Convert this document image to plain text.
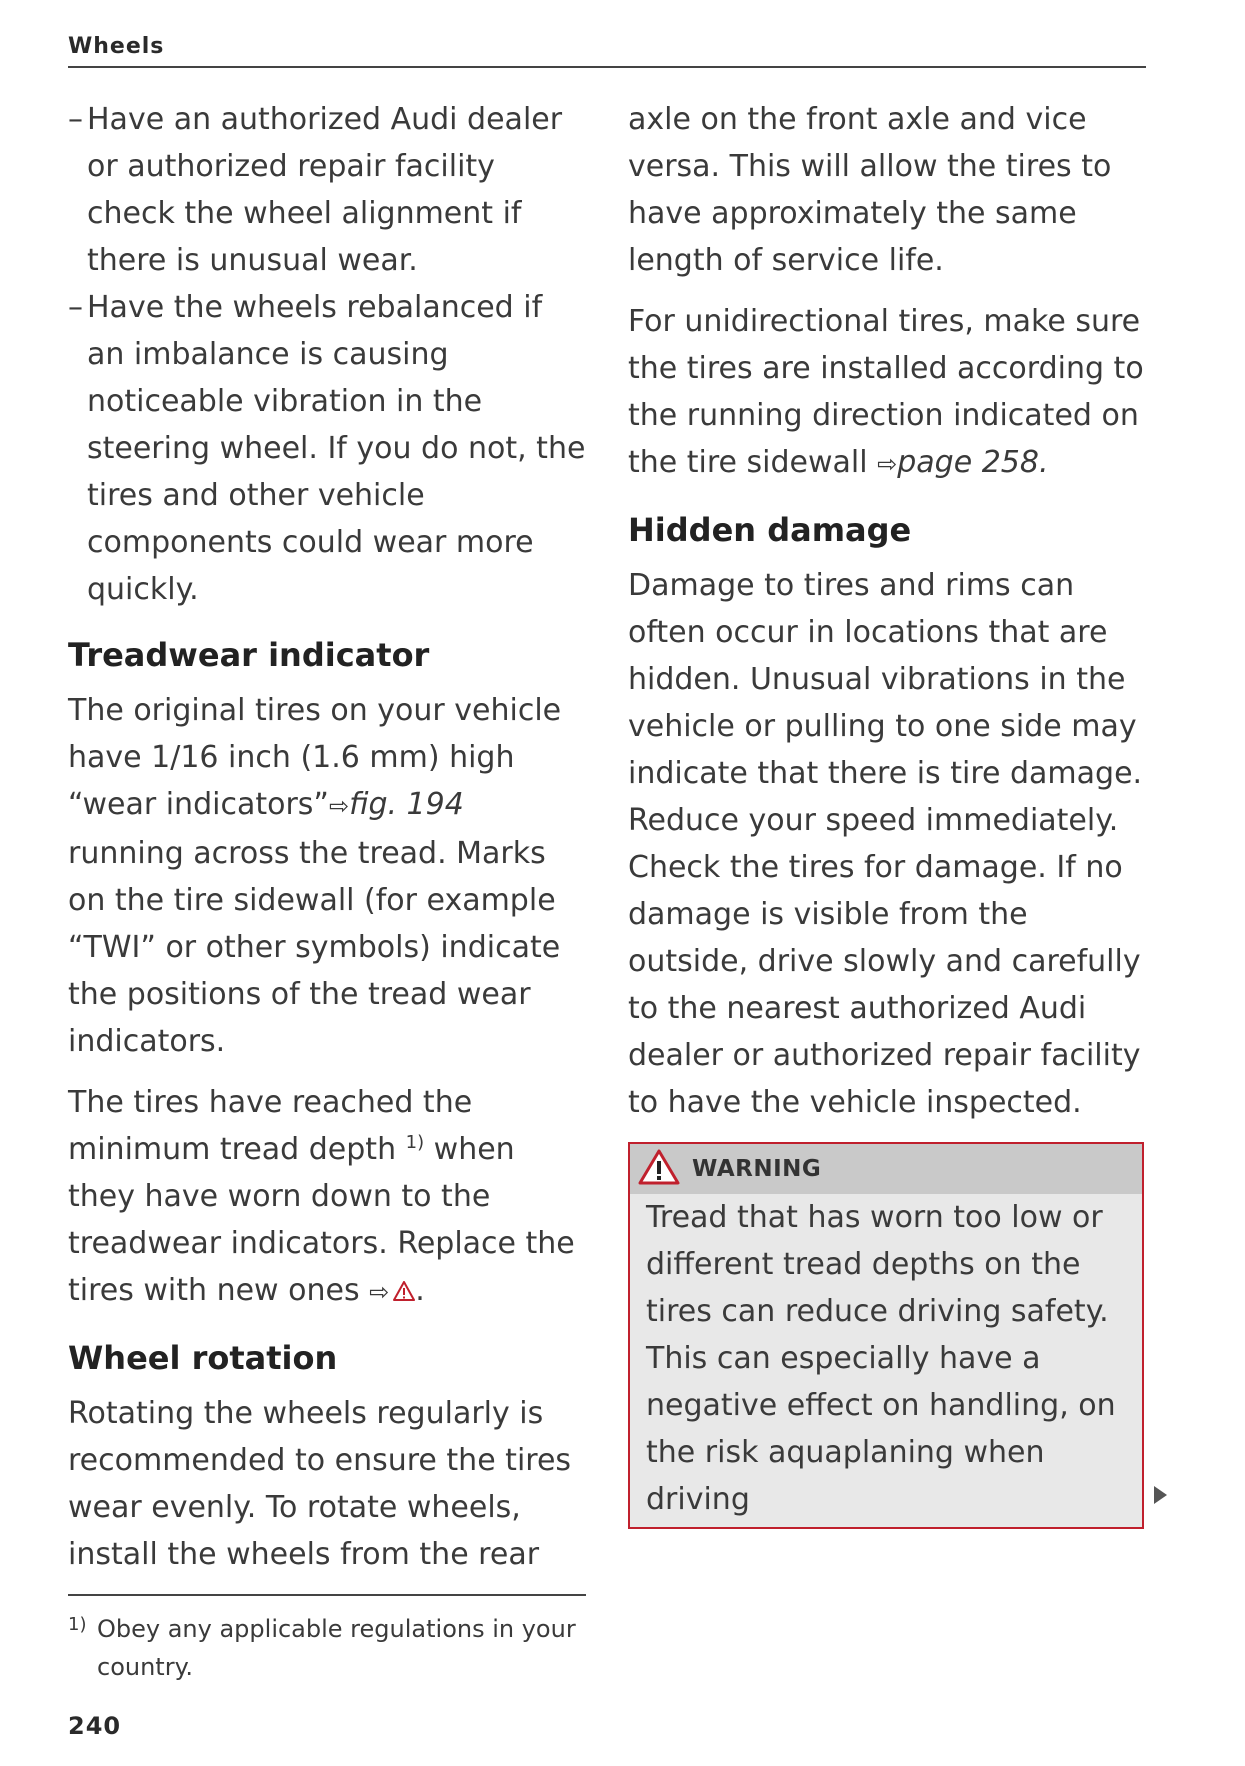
Wheels

– Have an authorized Audi dealer or authorized repair facility check the wheel alignment if there is unusual wear.

– Have the wheels rebalanced if an imbalance is causing noticeable vibration in the steering wheel. If you do not, the tires and other vehicle components could wear more quickly.

Treadwear indicator

The original tires on your vehicle have 1/16 inch (1.6 mm) high “wear indicators”⇨fig. 194 running across the tread. Marks on the tire sidewall (for example “TWI” or other symbols) indicate the positions of the tread wear indicators.

The tires have reached the minimum tread depth $^{1)}$ when they have worn down to the treadwear indicators. Replace the tires with new ones ⇨ .

Wheel rotation

Rotating the wheels regularly is recommended to ensure the tires wear evenly. To rotate wheels, install the wheels from the rear

axle on the front axle and vice versa. This will allow the tires to have approximately the same length of service life.

For unidirectional tires, make sure the tires are installed according to the running direction indicated on the tire sidewall ⇨page 258.

Hidden damage

Damage to tires and rims can often occur in locations that are hidden. Unusual vibrations in the vehicle or pulling to one side may indicate that there is tire damage. Reduce your speed immediately. Check the tires for damage. If no damage is visible from the outside, drive slowly and carefully to the nearest authorized Audi dealer or authorized repair facility to have the vehicle inspected.

WARNING

Tread that has worn too low or different tread depths on the tires can reduce driving safety. This can especially have a negative effect on handling, on the risk aquaplaning when driving

1) Obey any applicable regulations in your country.
240
